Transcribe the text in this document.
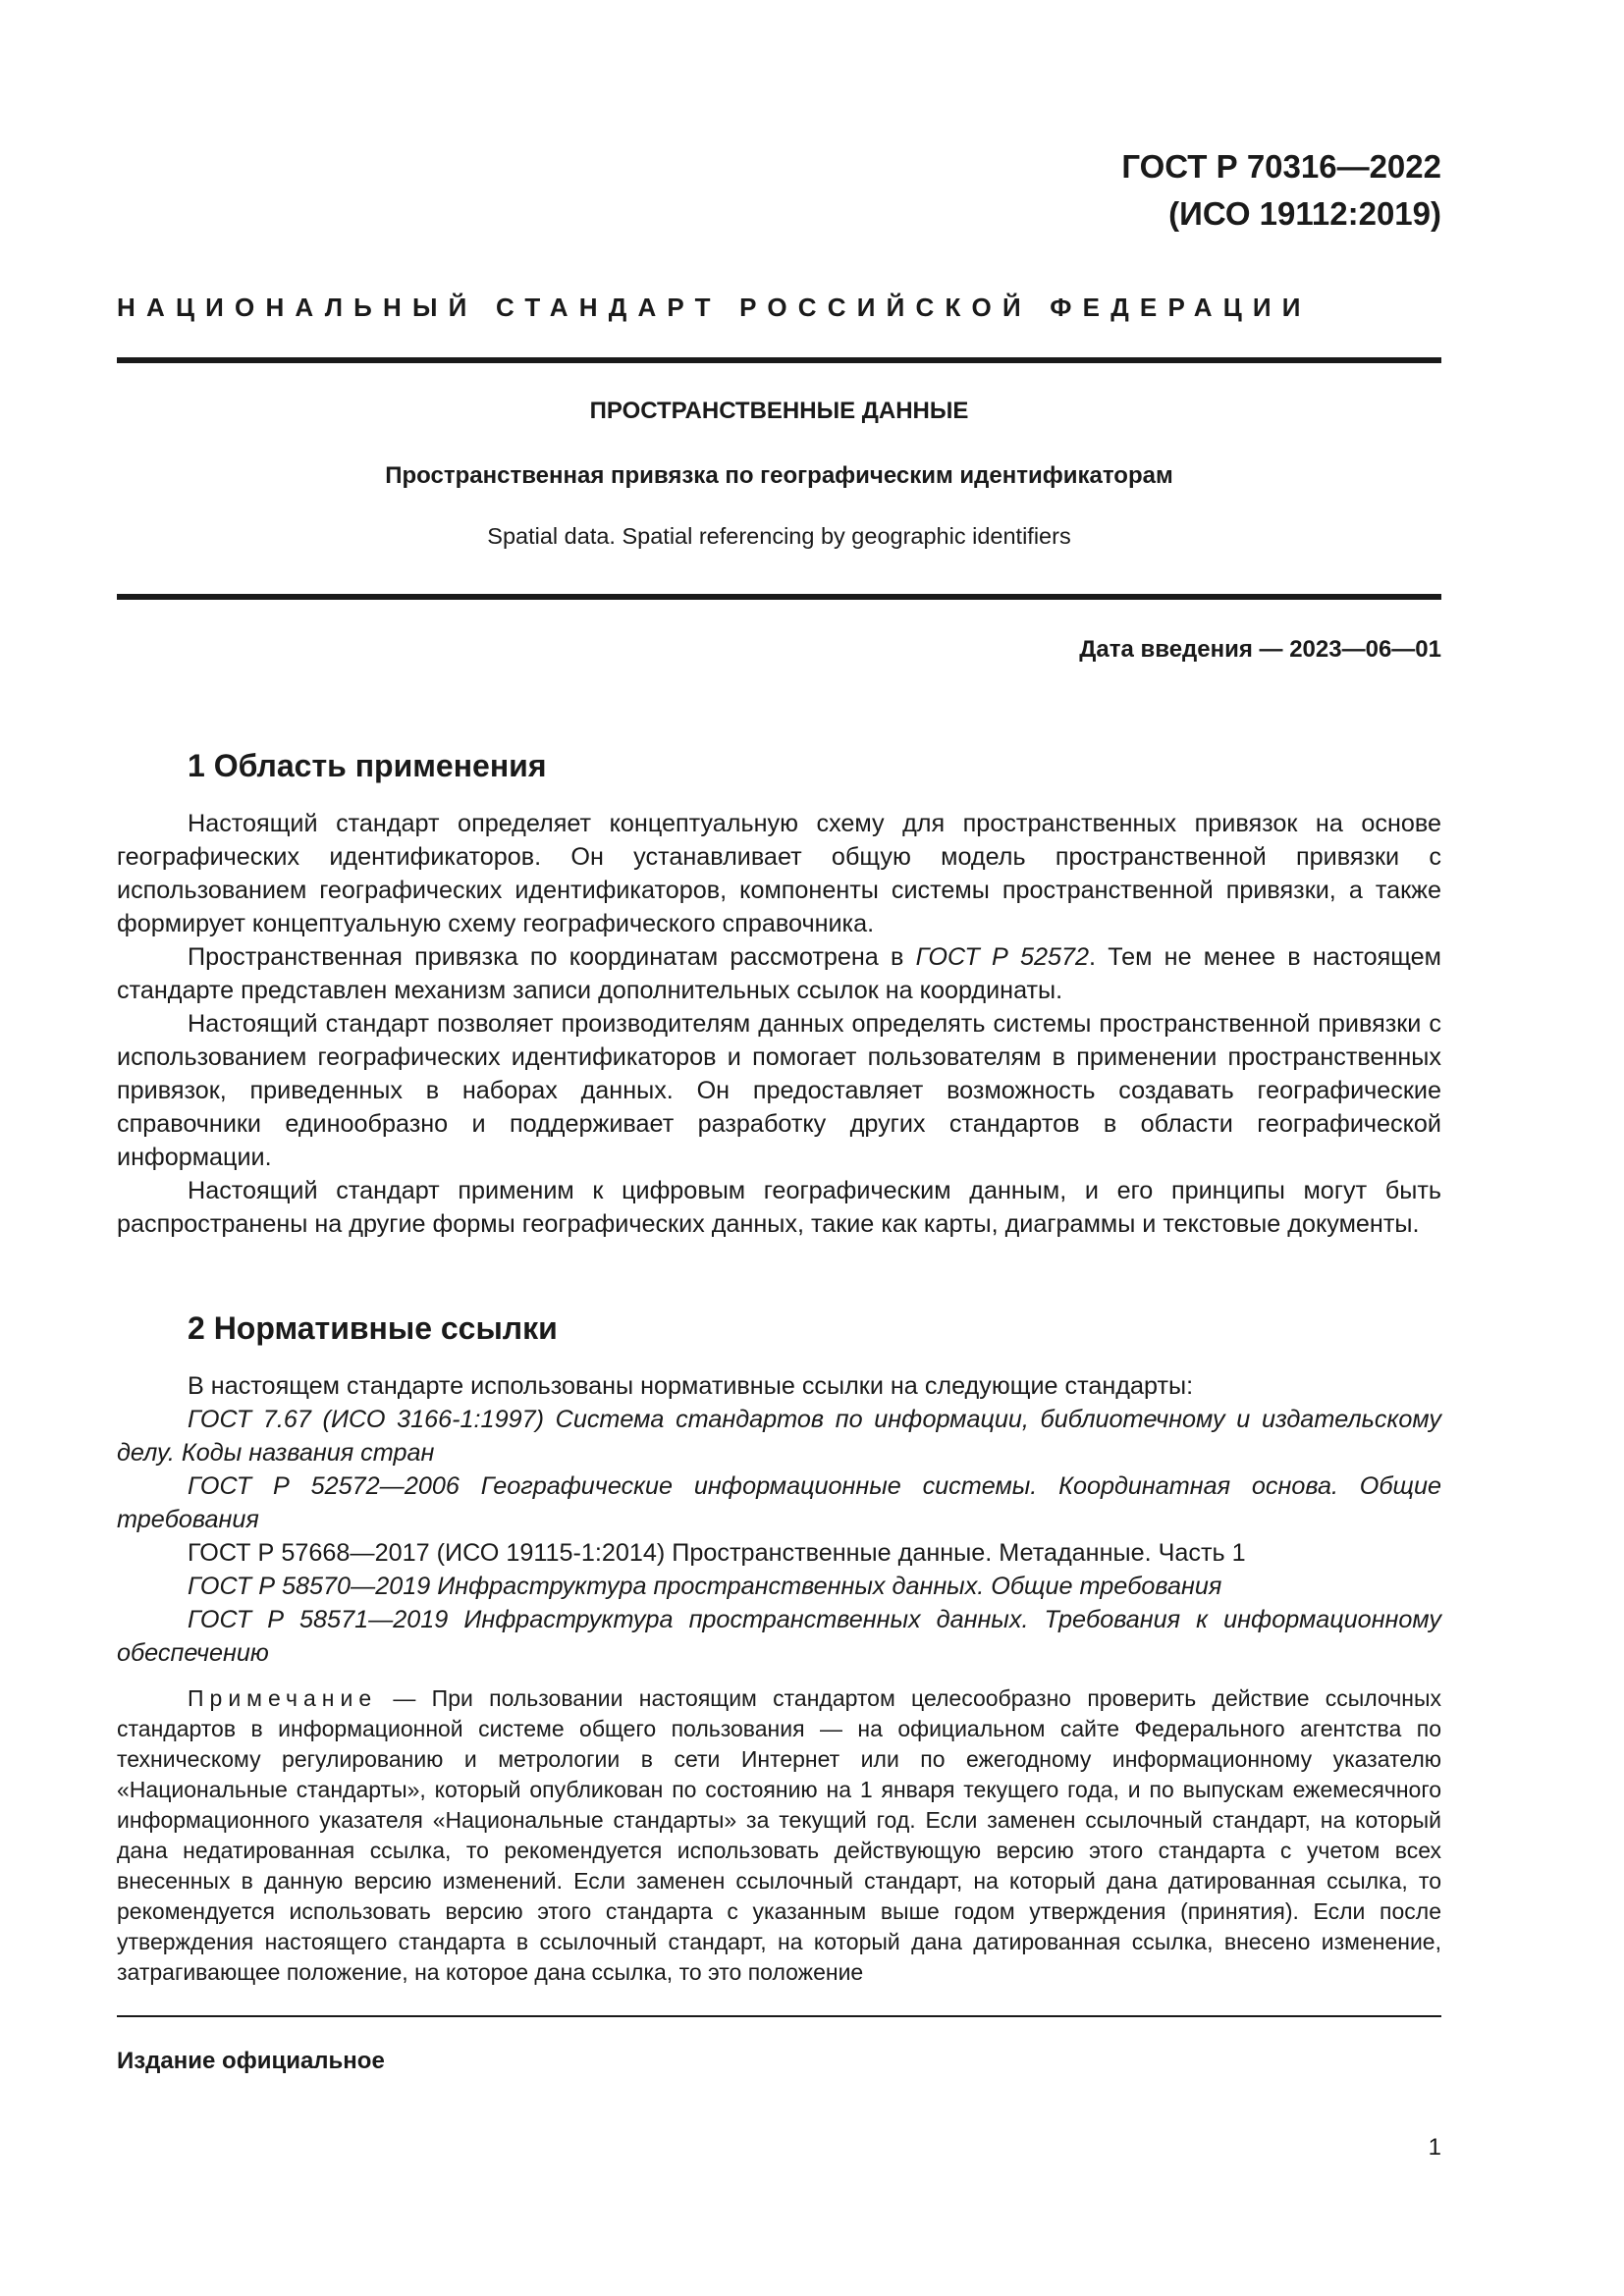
ГОСТ Р 70316—2022
(ИСО 19112:2019)
НАЦИОНАЛЬНЫЙ СТАНДАРТ РОССИЙСКОЙ ФЕДЕРАЦИИ
ПРОСТРАНСТВЕННЫЕ ДАННЫЕ
Пространственная привязка по географическим идентификаторам
Spatial data. Spatial referencing by geographic identifiers
Дата введения — 2023—06—01
1 Область применения

Настоящий стандарт определяет концептуальную схему для пространственных привязок на основе географических идентификаторов. Он устанавливает общую модель пространственной привязки с использованием географических идентификаторов, компоненты системы пространственной привязки, а также формирует концептуальную схему географического справочника.

Пространственная привязка по координатам рассмотрена в ГОСТ Р 52572. Тем не менее в настоящем стандарте представлен механизм записи дополнительных ссылок на координаты.

Настоящий стандарт позволяет производителям данных определять системы пространственной привязки с использованием географических идентификаторов и помогает пользователям в применении пространственных привязок, приведенных в наборах данных. Он предоставляет возможность создавать географические справочники единообразно и поддерживает разработку других стандартов в области географической информации.

Настоящий стандарт применим к цифровым географическим данным, и его принципы могут быть распространены на другие формы географических данных, такие как карты, диаграммы и текстовые документы.

2 Нормативные ссылки

В настоящем стандарте использованы нормативные ссылки на следующие стандарты:

ГОСТ 7.67 (ИСО 3166-1:1997) Система стандартов по информации, библиотечному и издательскому делу. Коды названия стран

ГОСТ Р 52572—2006 Географические информационные системы. Координатная основа. Общие требования

ГОСТ Р 57668—2017 (ИСО 19115-1:2014) Пространственные данные. Метаданные. Часть 1

ГОСТ Р 58570—2019 Инфраструктура пространственных данных. Общие требования

ГОСТ Р 58571—2019 Инфраструктура пространственных данных. Требования к информационному обеспечению

Примечание — При пользовании настоящим стандартом целесообразно проверить действие ссылочных стандартов в информационной системе общего пользования — на официальном сайте Федерального агентства по техническому регулированию и метрологии в сети Интернет или по ежегодному информационному указателю «Национальные стандарты», который опубликован по состоянию на 1 января текущего года, и по выпускам ежемесячного информационного указателя «Национальные стандарты» за текущий год. Если заменен ссылочный стандарт, на который дана недатированная ссылка, то рекомендуется использовать действующую версию этого стандарта с учетом всех внесенных в данную версию изменений. Если заменен ссылочный стандарт, на который дана датированная ссылка, то рекомендуется использовать версию этого стандарта с указанным выше годом утверждения (принятия). Если после утверждения настоящего стандарта в ссылочный стандарт, на который дана датированная ссылка, внесено изменение, затрагивающее положение, на которое дана ссылка, то это положение

Издание официальное
1
